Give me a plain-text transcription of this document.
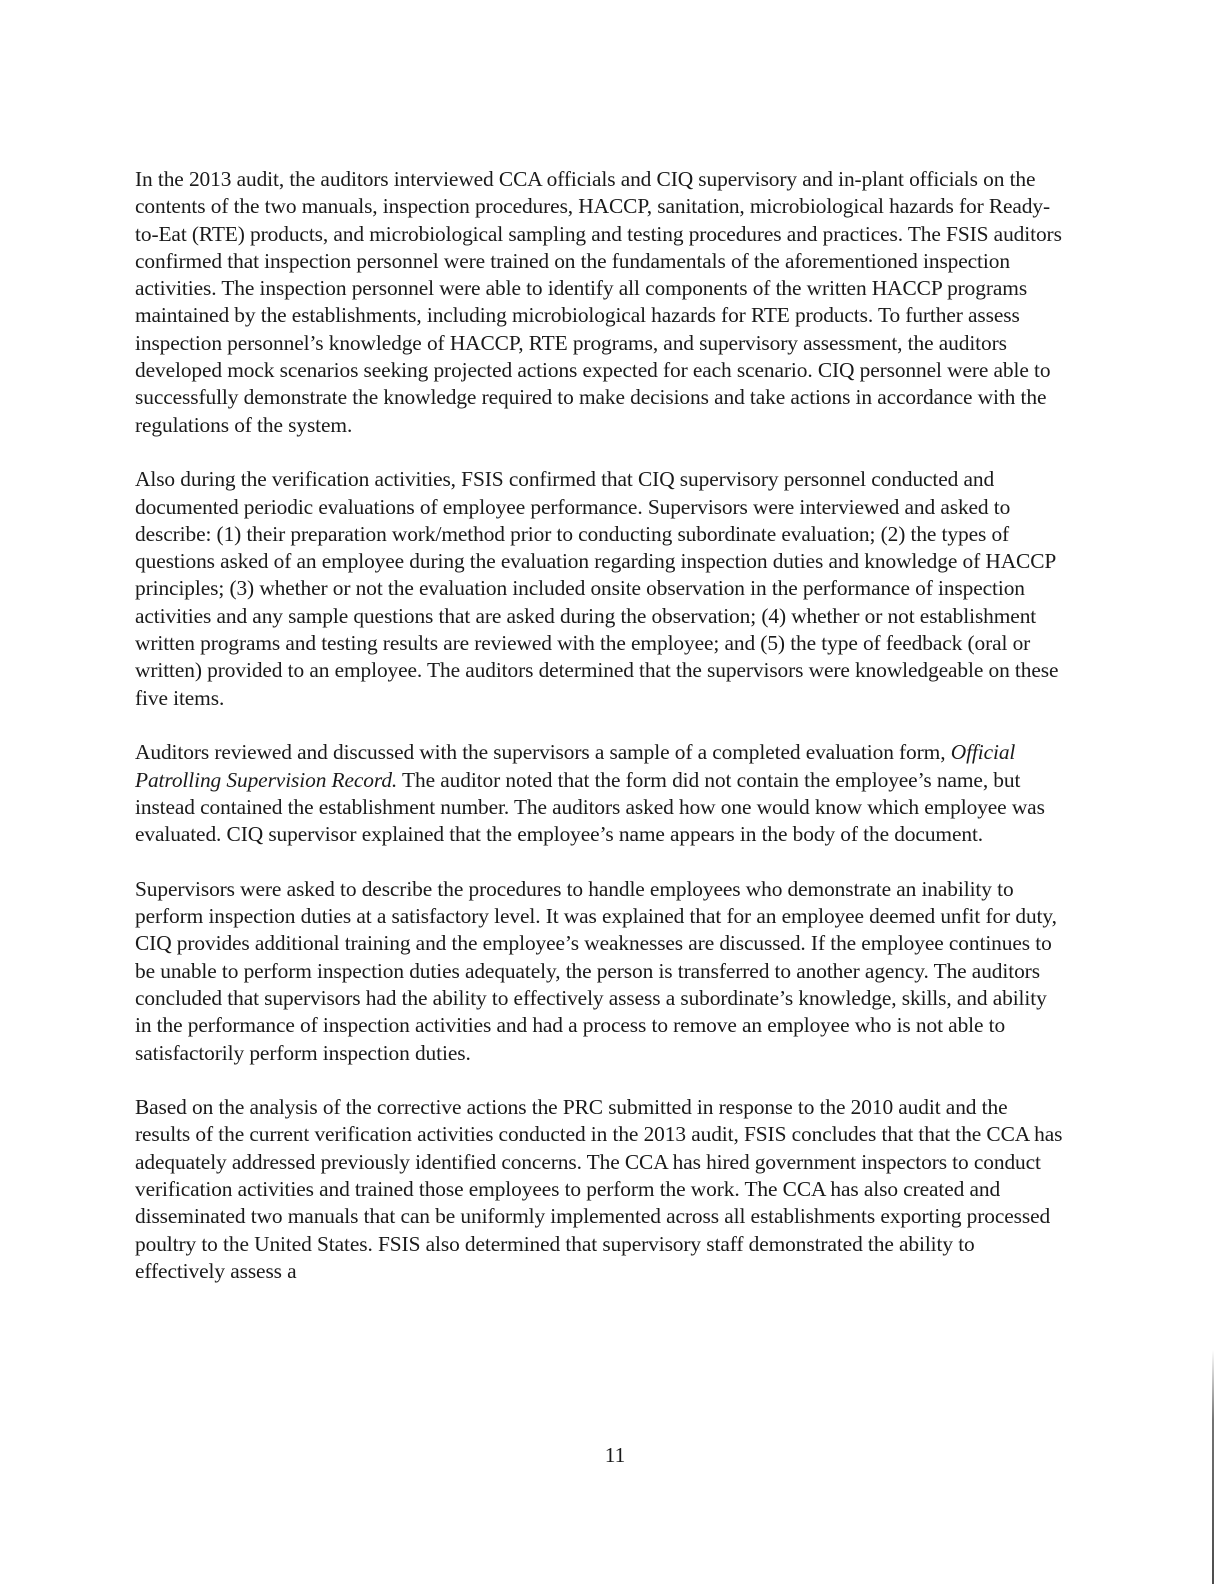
In the 2013 audit, the auditors interviewed CCA officials and CIQ supervisory and in-plant officials on the contents of the two manuals, inspection procedures, HACCP, sanitation, microbiological hazards for Ready-to-Eat (RTE) products, and microbiological sampling and testing procedures and practices. The FSIS auditors confirmed that inspection personnel were trained on the fundamentals of the aforementioned inspection activities. The inspection personnel were able to identify all components of the written HACCP programs maintained by the establishments, including microbiological hazards for RTE products. To further assess inspection personnel’s knowledge of HACCP, RTE programs, and supervisory assessment, the auditors developed mock scenarios seeking projected actions expected for each scenario. CIQ personnel were able to successfully demonstrate the knowledge required to make decisions and take actions in accordance with the regulations of the system.

Also during the verification activities, FSIS confirmed that CIQ supervisory personnel conducted and documented periodic evaluations of employee performance. Supervisors were interviewed and asked to describe: (1) their preparation work/method prior to conducting subordinate evaluation; (2) the types of questions asked of an employee during the evaluation regarding inspection duties and knowledge of HACCP principles; (3) whether or not the evaluation included onsite observation in the performance of inspection activities and any sample questions that are asked during the observation; (4) whether or not establishment written programs and testing results are reviewed with the employee; and (5) the type of feedback (oral or written) provided to an employee. The auditors determined that the supervisors were knowledgeable on these five items.

Auditors reviewed and discussed with the supervisors a sample of a completed evaluation form, Official Patrolling Supervision Record. The auditor noted that the form did not contain the employee’s name, but instead contained the establishment number. The auditors asked how one would know which employee was evaluated. CIQ supervisor explained that the employee’s name appears in the body of the document.

Supervisors were asked to describe the procedures to handle employees who demonstrate an inability to perform inspection duties at a satisfactory level. It was explained that for an employee deemed unfit for duty, CIQ provides additional training and the employee’s weaknesses are discussed. If the employee continues to be unable to perform inspection duties adequately, the person is transferred to another agency. The auditors concluded that supervisors had the ability to effectively assess a subordinate’s knowledge, skills, and ability in the performance of inspection activities and had a process to remove an employee who is not able to satisfactorily perform inspection duties.

Based on the analysis of the corrective actions the PRC submitted in response to the 2010 audit and the results of the current verification activities conducted in the 2013 audit, FSIS concludes that that the CCA has adequately addressed previously identified concerns. The CCA has hired government inspectors to conduct verification activities and trained those employees to perform the work. The CCA has also created and disseminated two manuals that can be uniformly implemented across all establishments exporting processed poultry to the United States. FSIS also determined that supervisory staff demonstrated the ability to effectively assess a

11
